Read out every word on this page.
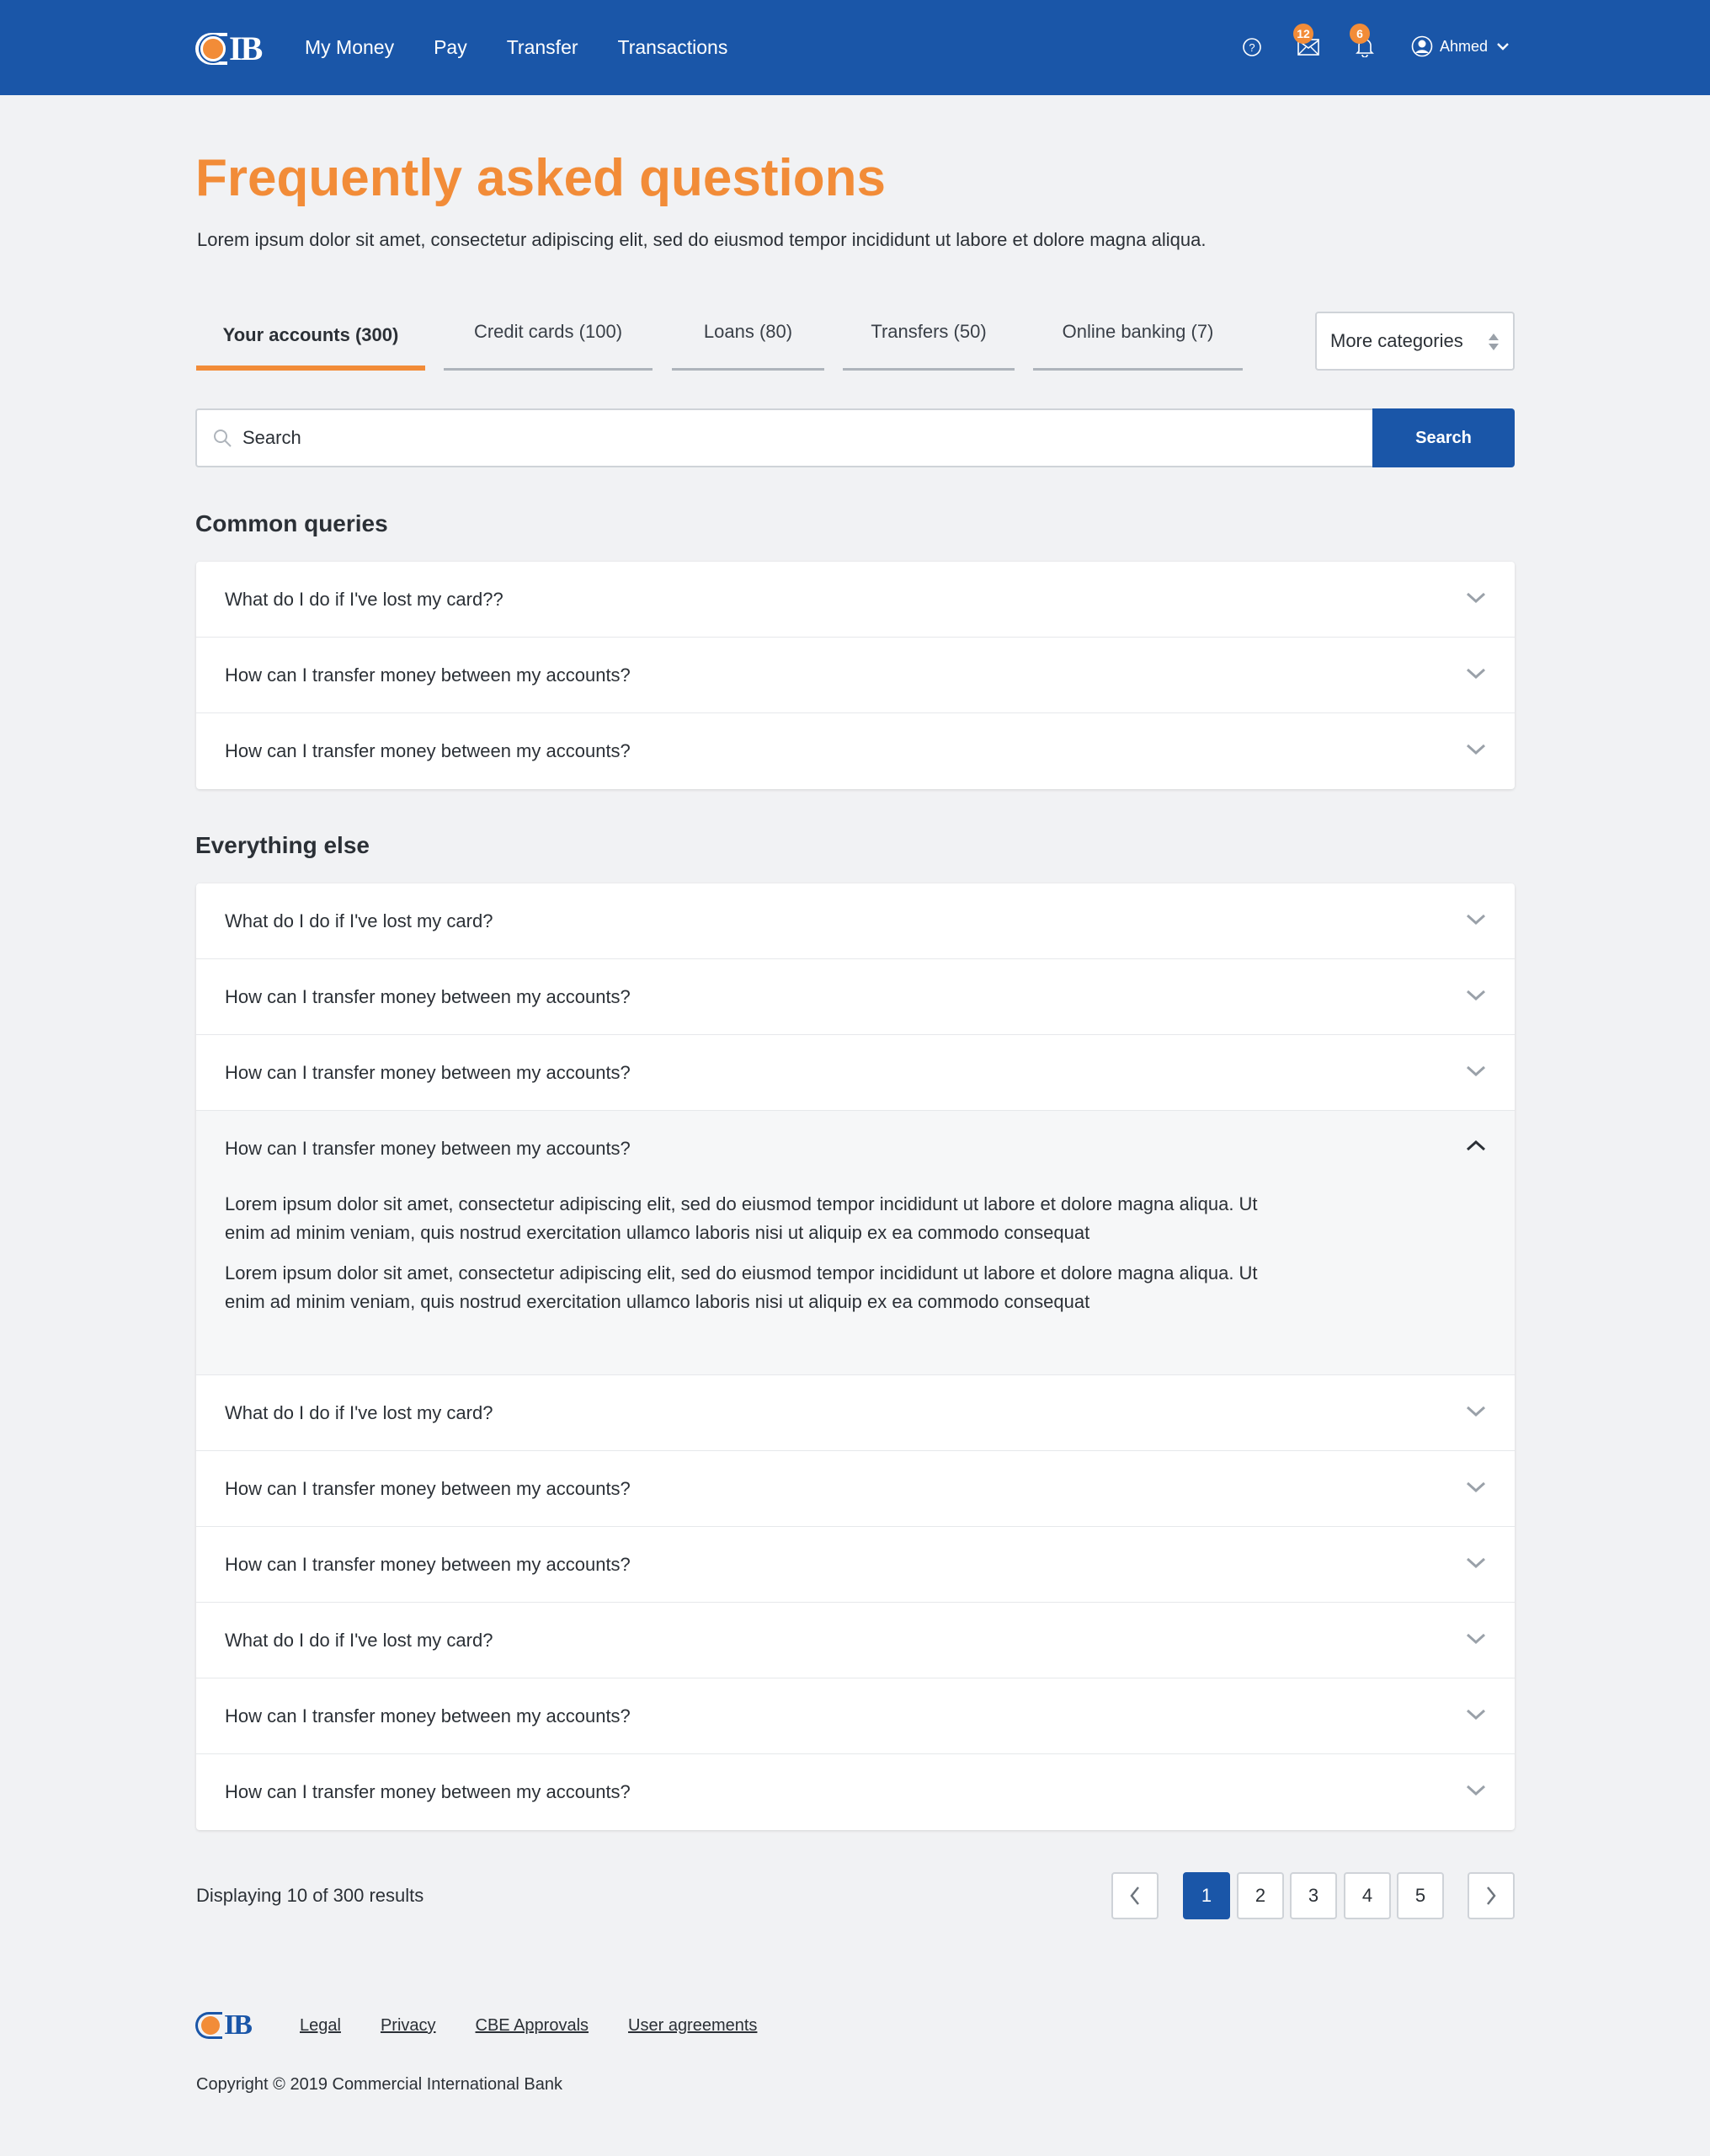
IB My Money Pay Transfer Transactions	?
12	6
Ahmed
Frequently asked questions

Lorem ipsum dolor sit amet, consectetur adipiscing elit, sed do eiusmod tempor incididunt ut labore et dolore magna aliqua.

Your accounts (300)	Credit cards (100)	Loans (80)	Transfers (50)	Online banking (7)	More categories
Search
Search
Common queries
What do I do if I've lost my card??
How can I transfer money between my accounts?
How can I transfer money between my accounts?
Everything else
What do I do if I've lost my card?
How can I transfer money between my accounts?
How can I transfer money between my accounts?
How can I transfer money between my accounts?

Lorem ipsum dolor sit amet, consectetur adipiscing elit, sed do eiusmod tempor incididunt ut labore et dolore magna aliqua. Ut enim ad minim veniam, quis nostrud exercitation ullamco laboris nisi ut aliquip ex ea commodo consequat

Lorem ipsum dolor sit amet, consectetur adipiscing elit, sed do eiusmod tempor incididunt ut labore et dolore magna aliqua. Ut enim ad minim veniam, quis nostrud exercitation ullamco laboris nisi ut aliquip ex ea commodo consequat

What do I do if I've lost my card?
How can I transfer money between my accounts?
How can I transfer money between my accounts?
What do I do if I've lost my card?
How can I transfer money between my accounts?
How can I transfer money between my accounts?
Displaying 10 of 300 results	1	2	3	4	5
IB	Legal Privacy CBE Approvals User agreements
Copyright © 2019 Commercial International Bank
